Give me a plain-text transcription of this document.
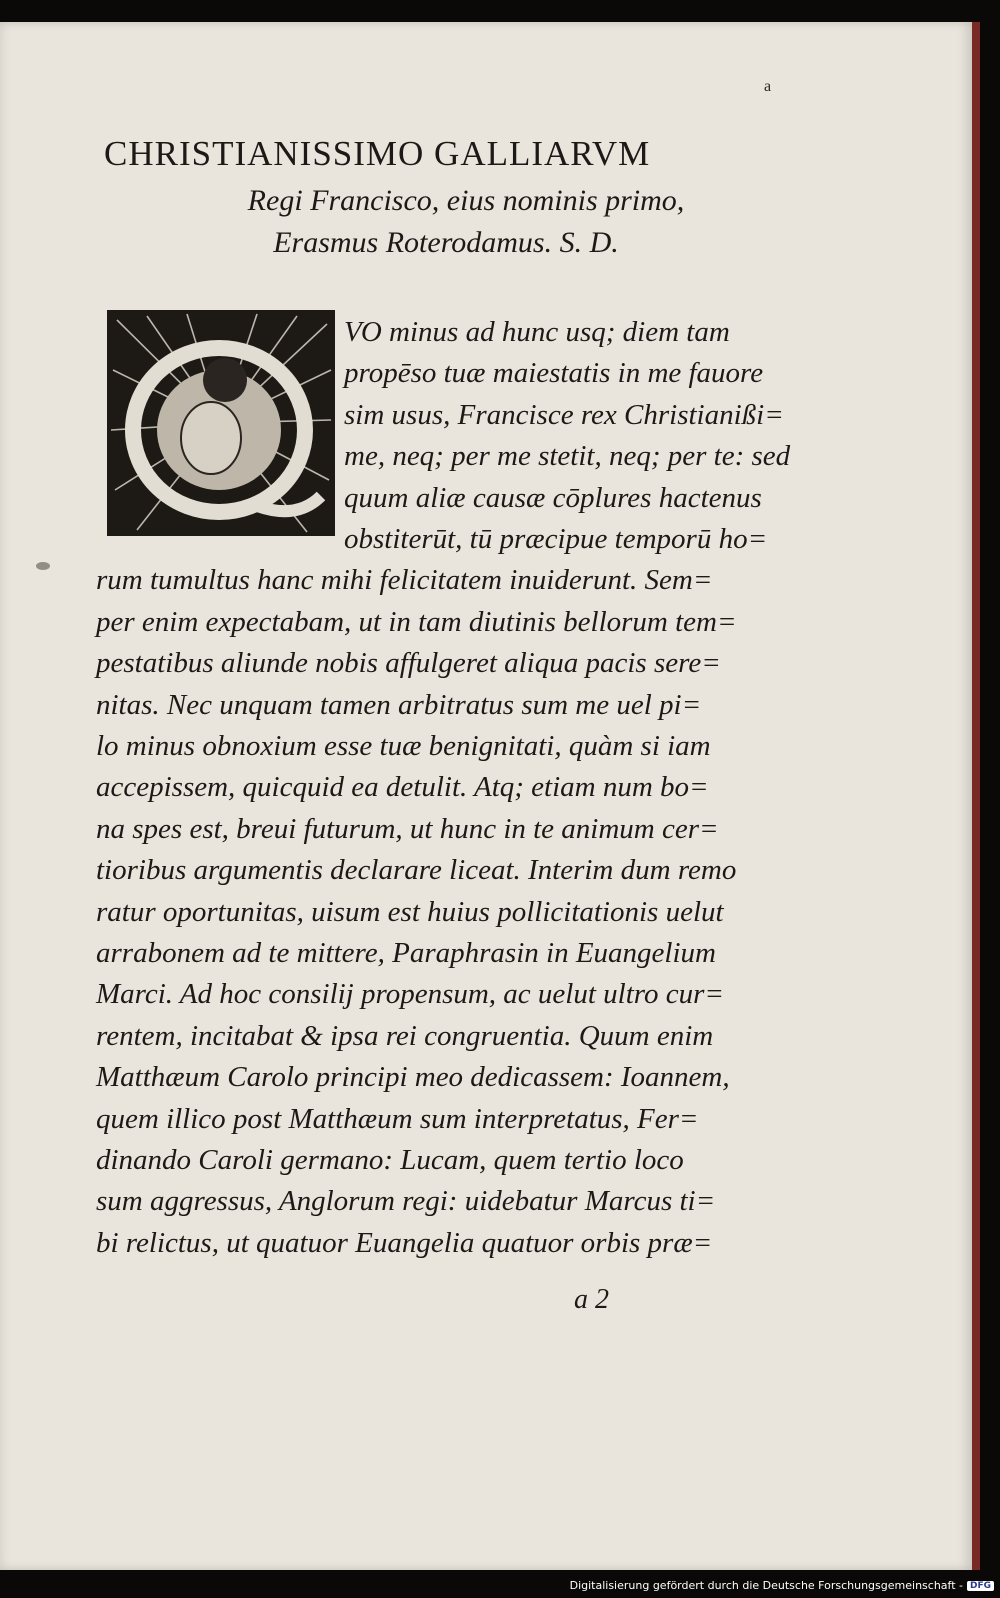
a
CHRISTIANISSIMO GALLIARVM
Regi Francisco, eius nominis primo,
Erasmus Roterodamus. S. D.
VO minus ad hunc usq; diem tam
propēso tuæ maiestatis in me fauore
sim usus, Francisce rex Christianißi=
me, neq; per me stetit, neq; per te: sed
quum aliæ causæ cōplures hactenus
obstiterūt, tū præcipue temporū ho=
rum tumultus hanc mihi felicitatem inuiderunt. Sem=
per enim expectabam, ut in tam diutinis bellorum tem=
pestatibus aliunde nobis affulgeret aliqua pacis sere=
nitas. Nec unquam tamen arbitratus sum me uel pi=
lo minus obnoxium esse tuæ benignitati, quàm si iam
accepissem, quicquid ea detulit. Atq; etiam num bo=
na spes est, breui futurum, ut hunc in te animum cer=
tioribus argumentis declarare liceat. Interim dum remo
ratur oportunitas, uisum est huius pollicitationis uelut
arrabonem ad te mittere, Paraphrasin in Euangelium
Marci. Ad hoc consilij propensum, ac uelut ultro cur=
rentem, incitabat & ipsa rei congruentia. Quum enim
Matthæum Carolo principi meo dedicassem: Ioannem,
quem illico post Matthæum sum interpretatus, Fer=
dinando Caroli germano: Lucam, quem tertio loco
sum aggressus, Anglorum regi: uidebatur Marcus ti=
bi relictus, ut quatuor Euangelia quatuor orbis præ=
a 2
Digitalisierung gefördert durch die Deutsche Forschungsgemeinschaft - DFG
